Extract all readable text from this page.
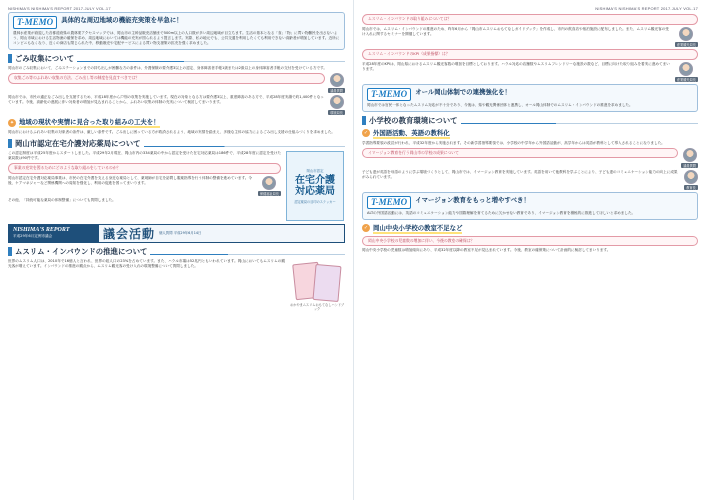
NISHIMA'S NISHIMA'S REPORT 2017.JULY VOL.17
T-MEMO	具体的な周辺地域の機能充実策を早急に！
農林水産業が衰退した各都道府県の農林業アクセスマップでは、岡山市の主幹品販売店舗まで500m以上の人口数が多い周辺地域が目立ちます。生活の基本となる「食」「物」に買い物難民を出さないよう、岡山市域における生活物流の確保を求め、周辺地域においては機能の充実が図られるよう提言します。実際、私の地元でも、公共交通を利用したくても利用できない高齢者が増加しています。近所にコンビニもなくなり、近くの商店も閉じられた中、移動販売や宅配サービスによる買い物支援策の拡充を強く求めました。
ごみ収集について
岡山市のごみ収集において、ごみステーションまでの持ち出しが困難な方の条件は、介護保険の要介護3以上の認定、身体障害者手帳1級または2級以上の身体障害者手帳の交付を受けている方です。
収集ごみ等のふれあい収集の方法、ごみ出し等の制度を見直すべきでは？
議員質問
岡山市では、市民の適正なごみ出しを支援するため、平成18年度から戸別の収集を実施しています。現在の対象となる方は要介護3以上、重度障害のある方で、平成28年度実績で約1,400件となっています。今後、高齢化の進展に伴い対象者の増加が見込まれることから、ふれあい収集の体制の充実について検討してまいります。
環境局長
✦ 地域の現状や実情に見合った取り組みの工夫を！
岡山市におけるふれあい収集の対象者の条件は、厳しい条件です。ごみ出しに困っている方が救済されるよう、地域の実情を踏まえ、多様な主体の協力によるごみ出し支援の仕組みづくりを求めました。
岡山市認定在宅介護対応薬局について
この認定制度は平成25年度からスタートしました。平成29年2月現在、岡山市内の334薬局の中から認定を受けた在宅対応薬局は186件で、平成28年度に認定を受けた薬局数は90件です。
事業の充実を図るためにどのような取り組みをしているのか？
岡山市認定在宅介護対応薬局事業は、市民の在宅介護を支える身近な薬局として、薬剤師が自宅を訪問し服薬指導を行う体制の整備を進めています。今後、ケアマネジャーなど関係機関への周知を強化し、利用の促進を図ってまいります。
保健福祉局長
その他、「持続可能な薬局の体制整備」についても質問しました。
岡山市認定
在宅介護 対応薬局
認定薬局の目印のステッカー
NISHIMA'S REPORT
平成29年6月定例市議会	議会活動 個人質問 平成29年6月14日
ムスリム・インバウンドの推進について
世界のムスリム人口は、2010年で16億人と言われ、世界の総人口の23%を占めています。また、ハラル市場は52兆円ともいわれています。岡山においてもムスリムの観光客が増えています。インバウンドの推進の観点から、ムスリム観光客の受け入れの環境整備について質問しました。
おかやまムスリムおもてなしハンドブック
NISHIMA'S NISHIMA'S REPORT 2017.JULY VOL.17
ムスリム・インバウンドの取り組みについては？
岡山市では、ムスリム・インバウンドの推進のため、昨年6月から「岡山市ムスリムおもてなしガイドブック」を作成し、市内の飲食店や宿泊施設に配布しました。また、ムスリム観光客の受け入れに関するセミナーを開催しています。
産業観光局長
ムスリム・インバウンドのKPI（成果指標）は？
平成28年度のKPIは、岡山県におけるムスリム観光客数の増加を目標としております。ハラル対応の店舗数やムスリムフレンドリーな施設の数など、目標に向けた取り組みを着実に進めてまいります。
産業観光局長
T-MEMO	オール岡山体制での連携強化を！
岡山市では官民一体となったムスリム対応が不十分であり、今後は、県や観光関係団体と連携し、オール岡山体制でのムスリム・インバウンドの推進を求めました。
小学校の教育環境について
✓ 外国語活動、英語の教科化
学習指導要領の改訂が行われ、平成32年度から実施されます。その新学習指導要領では、小学校の中学年から外国語活動が、高学年からは英語が教科として導入されることになりました。
イマージョン教育を行う岡山市の学校の成果について
議員質問
子ども達が英語を母語のように学ぶ環境づくりとして、岡山市では、イマージョン教育を実施しています。英語を用いて他教科を学ぶことにより、子ども達のコミュニケーション能力の向上に成果がみられています。
教育長
T-MEMO	イマージョン教育をもっと増やすべき！
ALTの外国語活動には、英語のコミュニケーション能力や国際理解を育てるために欠かせない教育であり、イマージョン教育を積極的に推進してほしいと求めました。
✓ 岡山中央小学校の教室不足など
岡山中央小学校の児童数の増加に伴い、今後の教室の確保は？
岡山中央小学校の児童数は増加傾向にあり、平成32年度以降の教室不足が見込まれています。今後、教室の確保策について計画的に検討してまいります。
